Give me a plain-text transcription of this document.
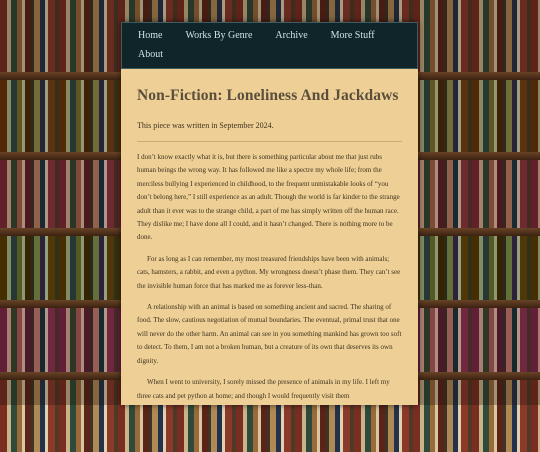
Home Works By Genre Archive More Stuff
About
Non-Fiction: Loneliness And Jackdaws

This piece was written in September 2024.

I don’t know exactly what it is, but there is something particular about me that just rubs human beings the wrong way. It has followed me like a spectre my whole life; from the merciless bullying I experienced in childhood, to the frequent unmistakable looks of “you don’t belong here,” I still experience as an adult. Though the world is far kinder to the strange adult than it ever was to the strange child, a part of me has simply written off the human race. They dislike me; I have done all I could, and it hasn’t changed. There is nothing more to be done.

For as long as I can remember, my most treasured friendships have been with animals; cats, hamsters, a rabbit, and even a python. My wrongness doesn’t phase them. They can’t see the invisible human force that has marked me as forever less-than.

A relationship with an animal is based on something ancient and sacred. The sharing of food. The slow, cautious negotiation of mutual boundaries. The eventual, primal trust that one will never do the other harm. An animal can see in you something mankind has grown too soft to detect. To them, I am not a broken human, but a creature of its own that deserves its own dignity.

When I went to university, I sorely missed the presence of animals in my life. I left my three cats and pet python at home; and though I would frequently visit them
